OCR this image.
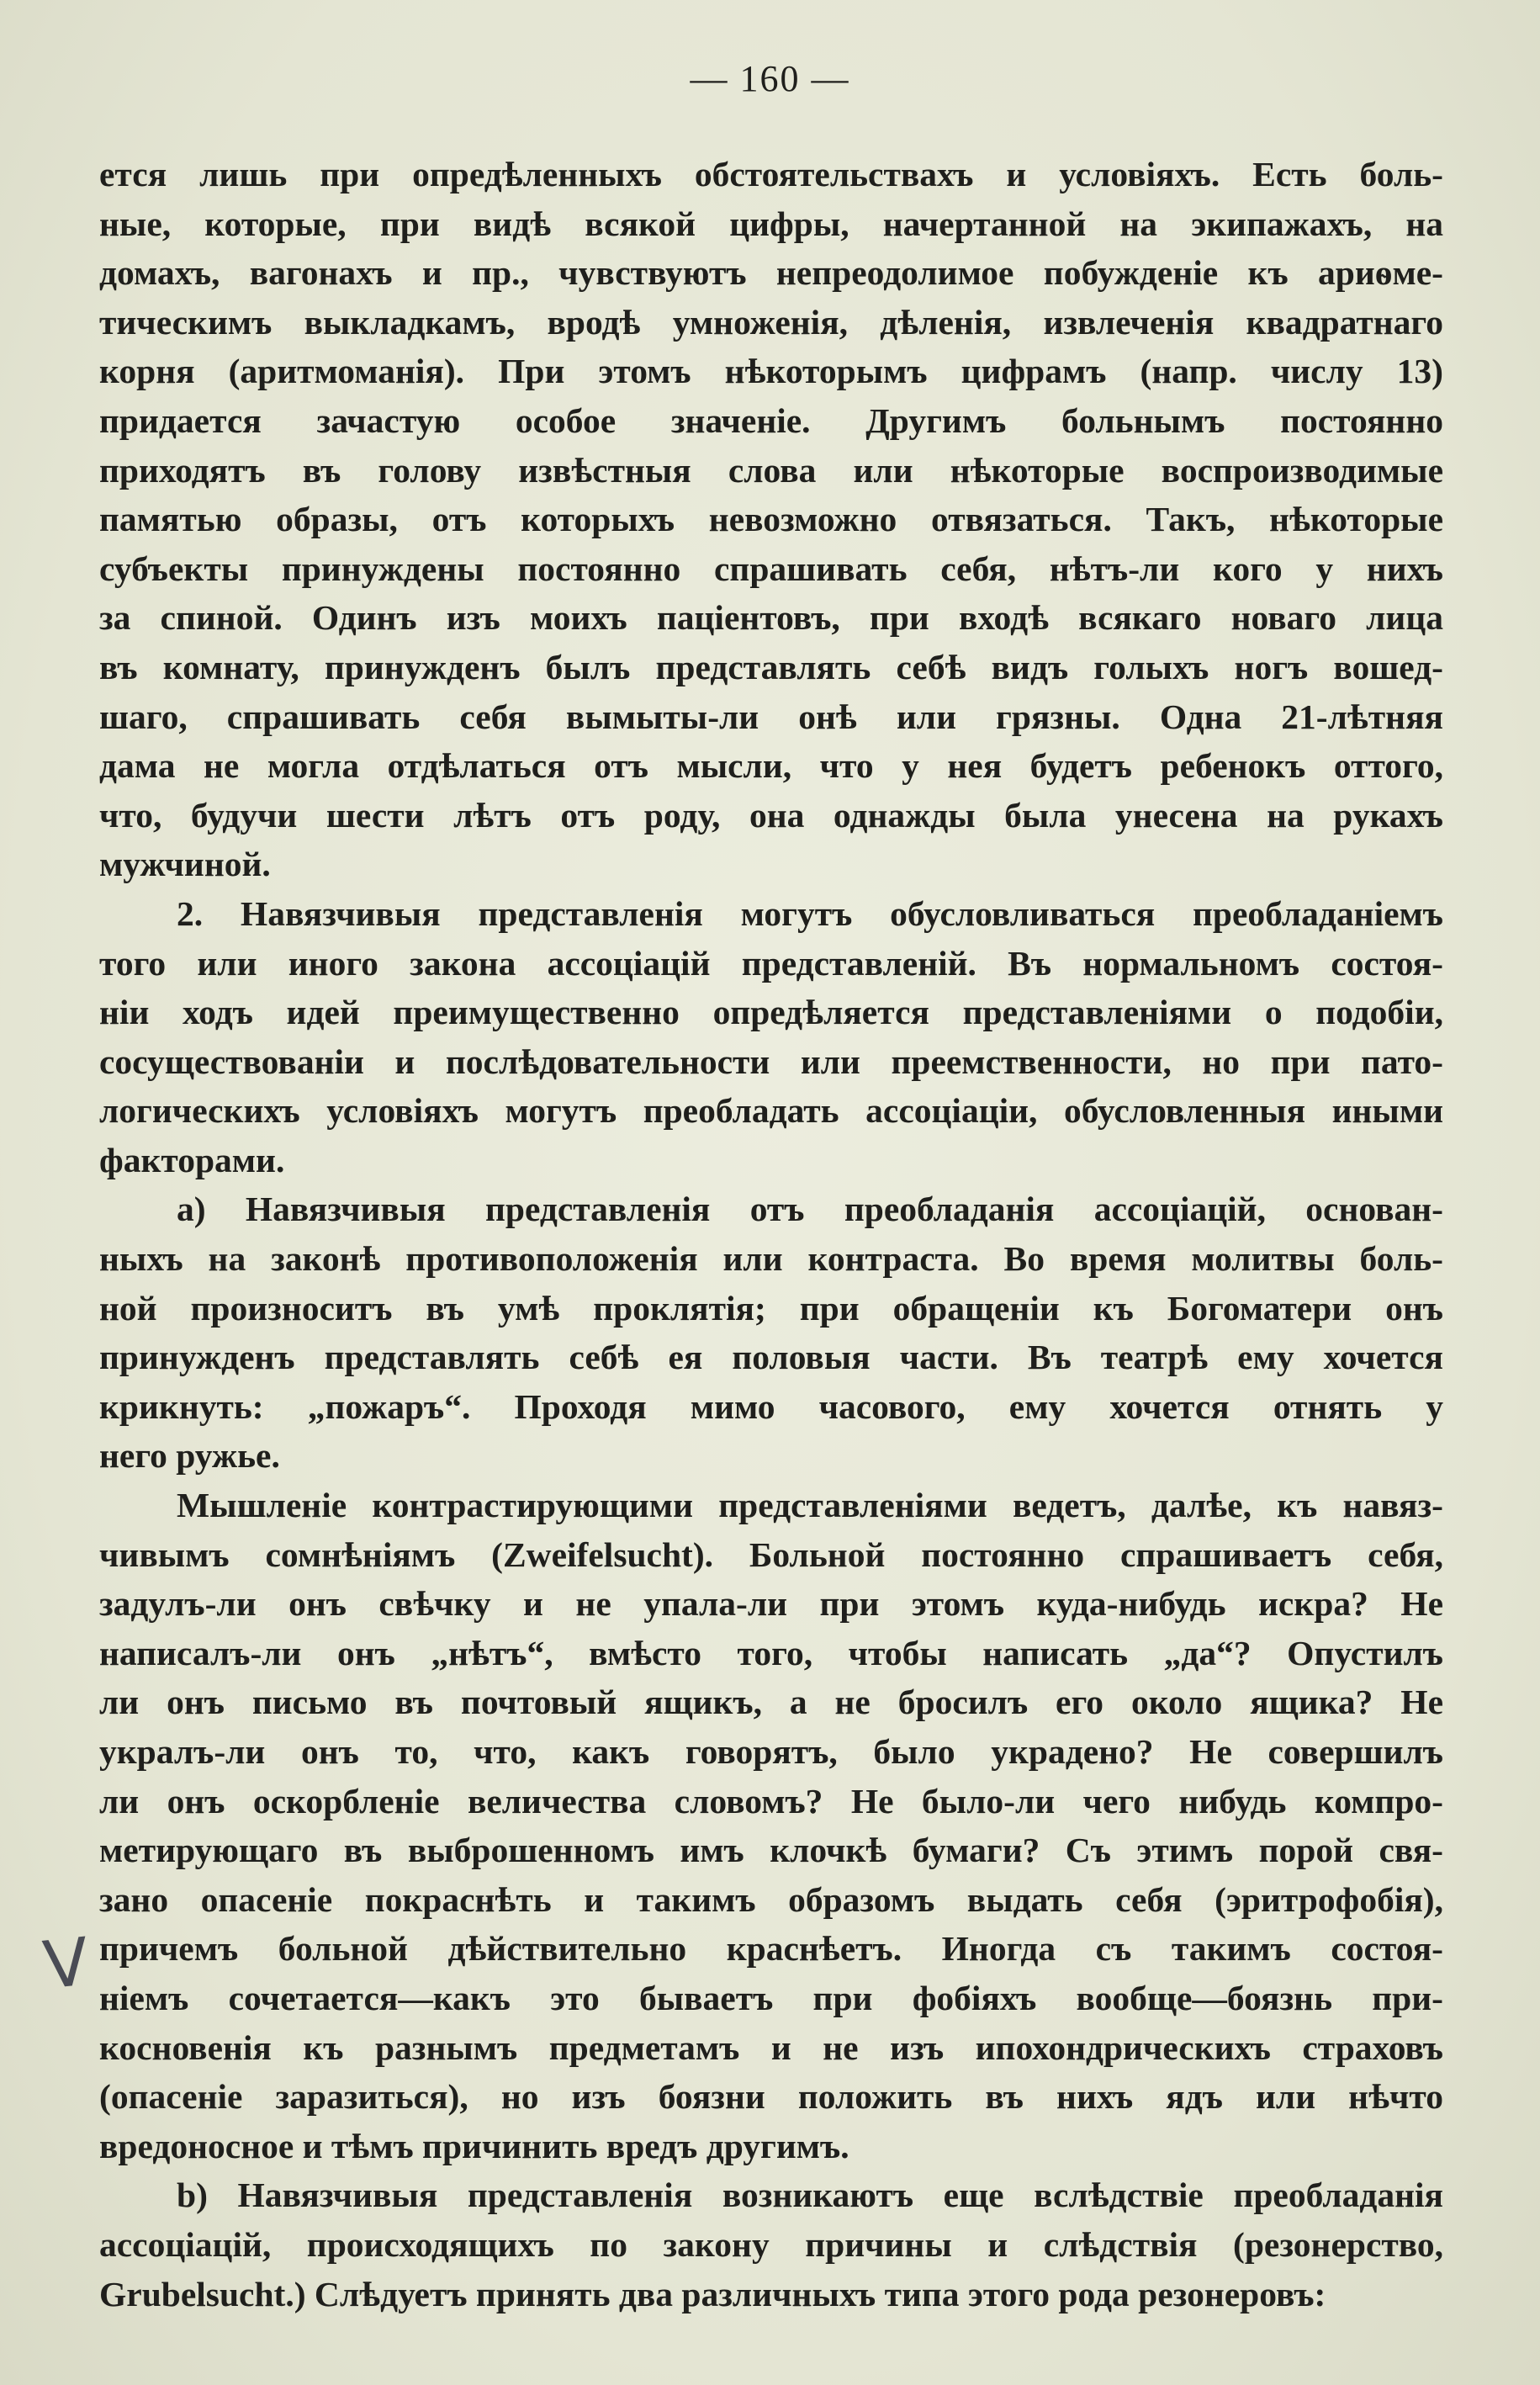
— 160 —
V
ется лишь при опредѣленныхъ обстоятельствахъ и условіяхъ. Есть боль-
ные, которые, при видѣ всякой цифры, начертанной на экипажахъ, на
домахъ, вагонахъ и пр., чувствуютъ непреодолимое побужденіе къ ариѳме-
тическимъ выкладкамъ, вродѣ умноженія, дѣленія, извлеченія квадратнаго
корня (аритмоманія). При этомъ нѣкоторымъ цифрамъ (напр. числу 13)
придается зачастую особое значеніе. Другимъ больнымъ постоянно
приходятъ въ голову извѣстныя слова или нѣкоторые воспроизводимые
памятью образы, отъ которыхъ невозможно отвязаться. Такъ, нѣкоторые
субъекты принуждены постоянно спрашивать себя, нѣтъ-ли кого у нихъ
за спиной. Одинъ изъ моихъ паціентовъ, при входѣ всякаго новаго лица
въ комнату, принужденъ былъ представлять себѣ видъ голыхъ ногъ вошед-
шаго, спрашивать себя вымыты-ли онѣ или грязны. Одна 21-лѣтняя
дама не могла отдѣлаться отъ мысли, что у нея будетъ ребенокъ оттого,
что, будучи шести лѣтъ отъ роду, она однажды была унесена на рукахъ
мужчиной.
2. Навязчивыя представленія могутъ обусловливаться преобладаніемъ
того или иного закона ассоціацій представленій. Въ нормальномъ состоя-
ніи ходъ идей преимущественно опредѣляется представленіями о подобіи,
сосуществованіи и послѣдовательности или преемственности, но при пато-
логическихъ условіяхъ могутъ преобладать ассоціаціи, обусловленныя иными
факторами.
а) Навязчивыя представленія отъ преобладанія ассоціацій, основан-
ныхъ на законѣ противоположенія или контраста. Во время молитвы боль-
ной произноситъ въ умѣ проклятія; при обращеніи къ Богоматери онъ
принужденъ представлять себѣ ея половыя части. Въ театрѣ ему хочется
крикнуть: „пожаръ“. Проходя мимо часового, ему хочется отнять у
него ружье.
Мышленіе контрастирующими представленіями ведетъ, далѣе, къ навяз-
чивымъ сомнѣніямъ (Zweifelsucht). Больной постоянно спрашиваетъ себя,
задулъ-ли онъ свѣчку и не упала-ли при этомъ куда-нибудь искра? Не
написалъ-ли онъ „нѣтъ“, вмѣсто того, чтобы написать „да“? Опустилъ
ли онъ письмо въ почтовый ящикъ, а не бросилъ его около ящика? Не
укралъ-ли онъ то, что, какъ говорятъ, было украдено? Не совершилъ
ли онъ оскорбленіе величества словомъ? Не было-ли чего нибудь компро-
метирующаго въ выброшенномъ имъ клочкѣ бумаги? Съ этимъ порой свя-
зано опасеніе покраснѣть и такимъ образомъ выдать себя (эритрофобія),
причемъ больной дѣйствительно краснѣетъ. Иногда съ такимъ состоя-
ніемъ сочетается—какъ это бываетъ при фобіяхъ вообще—боязнь при-
косновенія къ разнымъ предметамъ и не изъ ипохондрическихъ страховъ
(опасеніе заразиться), но изъ боязни положить въ нихъ ядъ или нѣчто
вредоносное и тѣмъ причинить вредъ другимъ.
b) Навязчивыя представленія возникаютъ еще вслѣдствіе преобладанія
ассоціацій, происходящихъ по закону причины и слѣдствія (резонерство,
Grubelsucht.) Слѣдуетъ принять два различныхъ типа этого рода резонеровъ:
